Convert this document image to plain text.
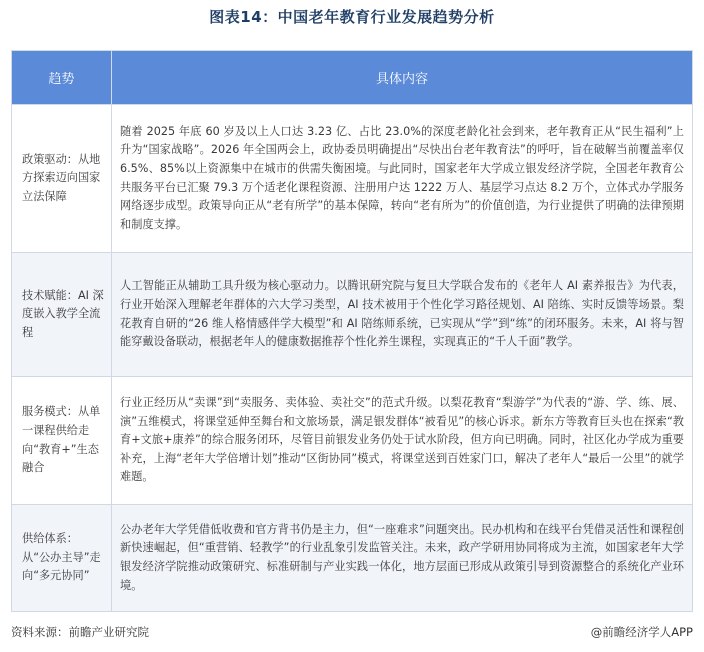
图表14：中国老年教育行业发展趋势分析
趋势	具体内容
政策驱动：从地方探索迈向国家立法保障	随着 2025 年底 60 岁及以上人口达 3.23 亿、占比 23.0%的深度老龄化社会到来，老年教育正从“民生福利”上升为“国家战略”。2026 年全国两会上，政协委员明确提出“尽快出台老年教育法”的呼吁，旨在破解当前覆盖率仅 6.5%、85%以上资源集中在城市的供需失衡困境。与此同时，国家老年大学成立银发经济学院，全国老年教育公共服务平台已汇聚 79.3 万个适老化课程资源、注册用户达 1222 万人、基层学习点达 8.2 万个，立体式办学服务网络逐步成型。政策导向正从“老有所学”的基本保障，转向“老有所为”的价值创造，为行业提供了明确的法律预期和制度支撑。
技术赋能：AI 深度嵌入教学全流程	人工智能正从辅助工具升级为核心驱动力。以腾讯研究院与复旦大学联合发布的《老年人 AI 素养报告》为代表，行业开始深入理解老年群体的六大学习类型，AI 技术被用于个性化学习路径规划、AI 陪练、实时反馈等场景。梨花教育自研的“26 维人格情感伴学大模型”和 AI 陪练师系统，已实现从“学”到“练”的闭环服务。未来，AI 将与智能穿戴设备联动，根据老年人的健康数据推荐个性化养生课程，实现真正的“千人千面”教学。
服务模式：从单一课程供给走向“教育+”生态融合	行业正经历从“卖课”到“卖服务、卖体验、卖社交”的范式升级。以梨花教育“梨游学”为代表的“游、学、练、展、演”五维模式，将课堂延伸至舞台和文旅场景，满足银发群体“被看见”的核心诉求。新东方等教育巨头也在探索“教育+文旅+康养”的综合服务闭环，尽管目前银发业务仍处于试水阶段，但方向已明确。同时，社区化办学成为重要补充，上海“老年大学倍增计划”推动“区街协同”模式，将课堂送到百姓家门口，解决了老年人“最后一公里”的就学难题。
供给体系：从“公办主导”走向“多元协同”	公办老年大学凭借低收费和官方背书仍是主力，但“一座难求”问题突出。民办机构和在线平台凭借灵活性和课程创新快速崛起，但“重营销、轻教学”的行业乱象引发监管关注。未来，政产学研用协同将成为主流，如国家老年大学银发经济学院推动政策研究、标准研制与产业实践一体化，地方层面已形成从政策引导到资源整合的系统化产业环境。
资料来源：前瞻产业研究院	@前瞻经济学人APP
